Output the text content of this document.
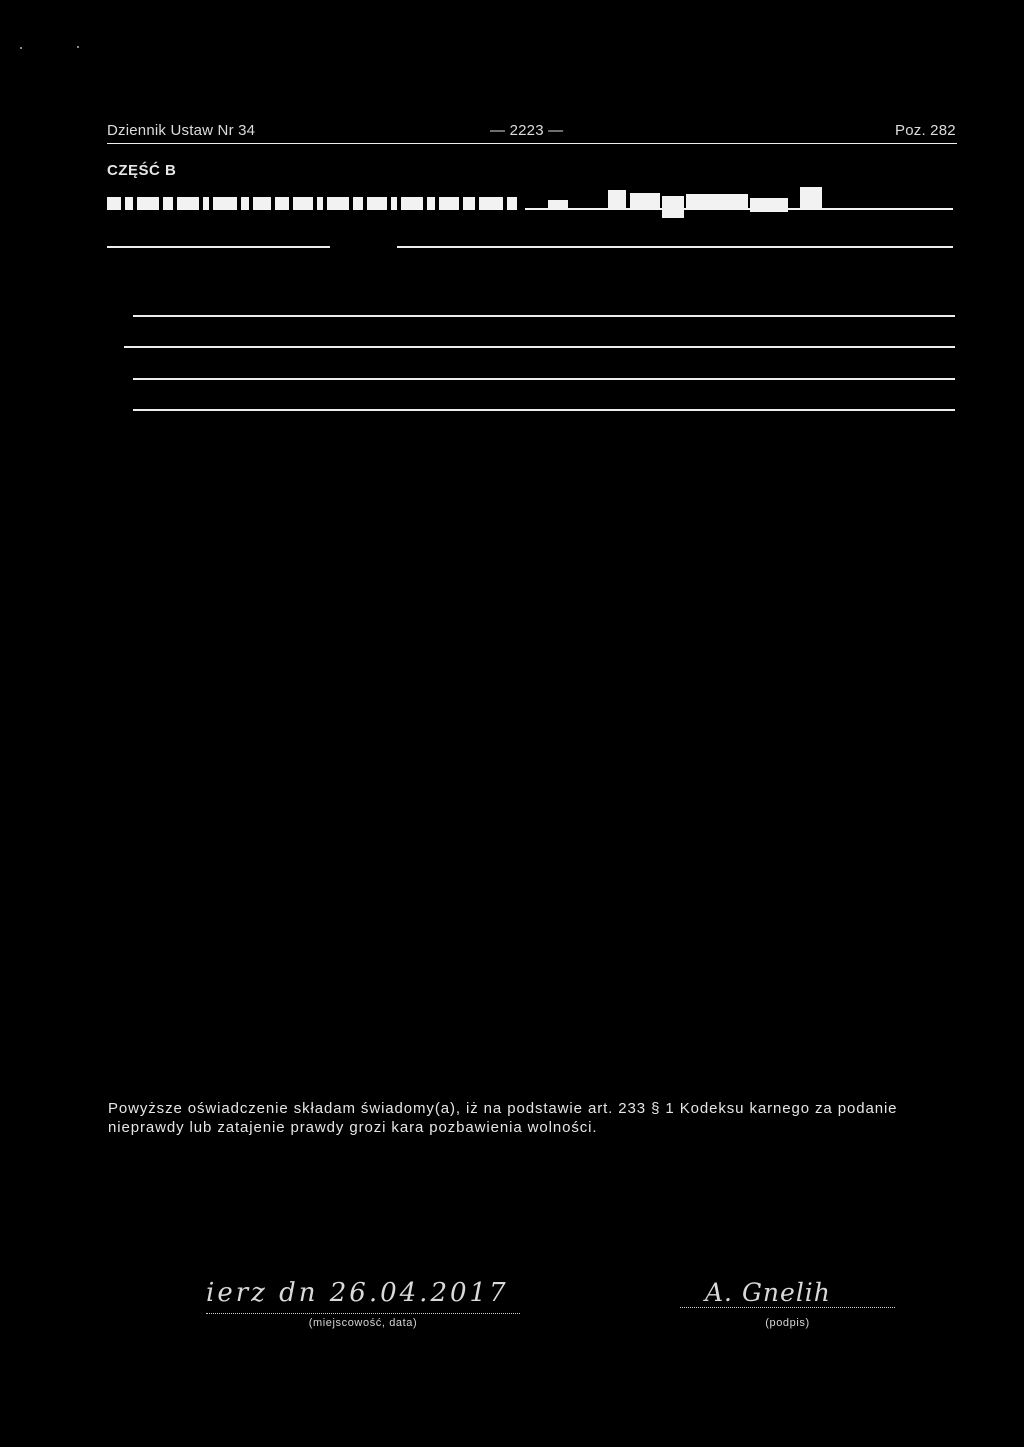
Dziennik Ustaw Nr 34	— 2223 —	Poz. 282
CZĘŚĆ B
Powyższe oświadczenie składam świadomy(a), iż na podstawie art. 233 § 1 Kodeksu karnego za podanie nieprawdy lub zatajenie prawdy grozi kara pozbawienia wolności.
ierz dn 26.04.2017
(miejscowość, data)
A. Gnelih
(podpis)
